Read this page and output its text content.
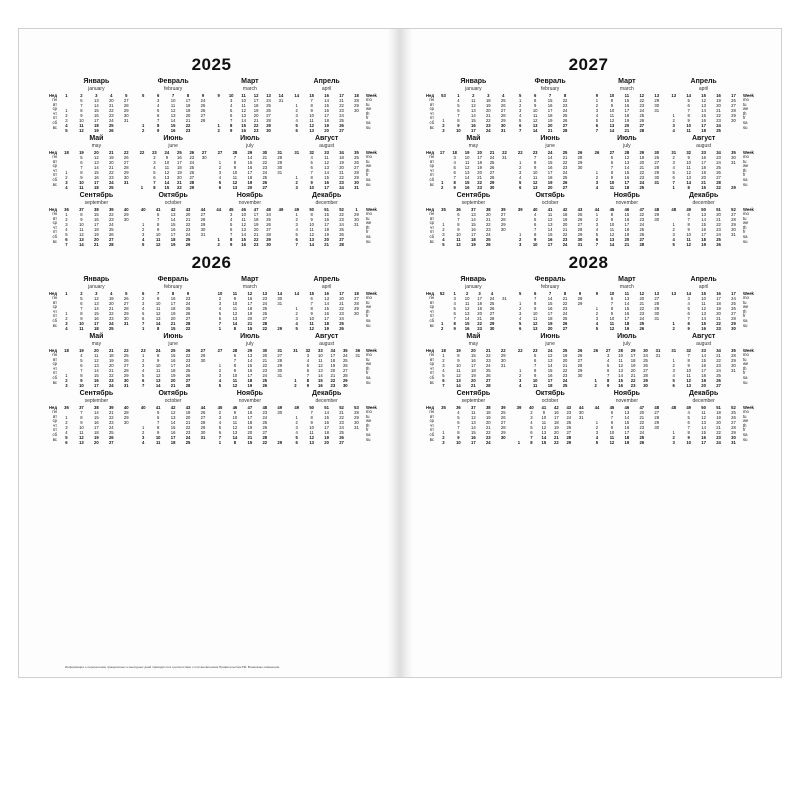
2025
Нед
пн
вт
ср
чт
пт
сб
вс
Январь
january
1	2	3	4	5
	6	13	20	27
	7	14	21	28
1	8	15	22	29
2	9	16	23	30
3	10	17	24	31
4	11	18	25	
5	12	19	26	
Февраль
february
5	6	7	8	9
	3	10	17	24
	4	11	18	25
	5	12	19	26
	6	13	20	27
	7	14	21	28
1	8	15	22	
2	9	16	23	
Март
march
9	10	11	12	13	14
	3	10	17	24	31
	4	11	18	25	
	5	12	19	26	
	6	13	20	27	
	7	14	21	28	
1	8	15	22	29	
2	9	16	23	30	
Апрель
april
14	15	16	17	18
	7	14	21	28
1	8	15	22	29
2	9	16	23	30
3	10	17	24	
4	11	18	25	
5	12	19	26	
6	13	20	27	
Week
mo
tu
we
th
fr
sa
su
Нед
пн
вт
ср
чт
пт
сб
вс
Май
may
18	19	20	21	22
	5	12	19	26
	6	13	20	27
	7	14	21	28
1	8	15	22	29
2	9	16	23	30
3	10	17	24	31
4	11	18	25	
Июнь
june
22	23	24	25	26	27
	2	9	16	23	30
	3	10	17	24	
	4	11	18	25	
	5	12	19	26	
	6	13	20	27	
	7	14	21	28	
1	8	15	22	29	
Июль
july
27	28	29	30	31
	7	14	21	28
1	8	15	22	29
2	9	16	23	30
3	10	17	24	31
4	11	18	25	
5	12	19	26	
6	13	20	27	
Август
august
31	32	33	34	35
	4	11	18	25
	5	12	19	26
	6	13	20	27
	7	14	21	28
1	8	15	22	29
2	9	16	23	30
3	10	17	24	31
Week
mo
tu
we
th
fr
sa
su
Нед
пн
вт
ср
чт
пт
сб
вс
Сентябрь
september
36	37	38	39	40
1	8	15	22	29
2	9	16	23	30
3	10	17	24	
4	11	18	25	
5	12	19	26	
6	13	20	27	
7	14	21	28	
Октябрь
october
40	41	42	43	44
	6	13	20	27
	7	14	21	28
1	8	15	22	29
2	9	16	23	30
3	10	17	24	31
4	11	18	25	
5	12	19	26	
Ноябрь
november
44	45	46	47	48	49
	3	10	17	24	
	4	11	18	25	
	5	12	19	26	
	6	13	20	27	
	7	14	21	28	
1	8	15	22	29	
2	9	16	23	30	
Декабрь
december
49	50	51	52	1
1	8	15	22	29
2	9	16	23	30
3	10	17	24	31
4	11	18	25	
5	12	19	26	
6	13	20	27	
7	14	21	28	
Week
mo
tu
we
th
fr
sa
su
2026
Нед
пн
вт
ср
чт
пт
сб
вс
Январь
january
1	2	3	4	5
	5	12	19	26
	6	13	20	27
	7	14	21	28
1	8	15	22	29
2	9	16	23	30
3	10	17	24	31
4	11	18	25	
Февраль
february
6	7	8	9	
2	9	16	23	
3	10	17	24	
4	11	18	25	
5	12	19	26	
6	13	20	27	
7	14	21	28	
1	8	15	22	
Март
march
10	11	12	13	14
2	9	16	23	30
3	10	17	24	31
4	11	18	25	
5	12	19	26	
6	13	20	27	
7	14	21	28	
1	8	15	22	29
Апрель
april
14	15	16	17	18
	6	13	20	27
	7	14	21	28
1	8	15	22	29
2	9	16	23	30
3	10	17	24	
4	11	18	25	
5	12	19	26	
Week
mo
tu
we
th
fr
sa
su
Нед
пн
вт
ср
чт
пт
сб
вс
Май
may
18	19	20	21	22
	4	11	18	25
	5	12	19	26
	6	13	20	27
	7	14	21	28
1	8	15	22	29
2	9	16	23	30
3	10	17	24	31
Июнь
june
23	24	25	26	27
1	8	15	22	29
2	9	16	23	30
3	10	17	24	
4	11	18	25	
5	12	19	26	
6	13	20	27	
7	14	21	28	
Июль
july
27	28	29	30	31
	6	13	20	27
	7	14	21	28
1	8	15	22	29
2	9	16	23	30
3	10	17	24	31
4	11	18	25	
5	12	19	26	
Август
august
31	32	33	34	35	36
	3	10	17	24	31
	4	11	18	25	
	5	12	19	26	
	6	13	20	27	
	7	14	21	28	
1	8	15	22	29	
2	9	16	23	30	
Week
mo
tu
we
th
fr
sa
su
Нед
пн
вт
ср
чт
пт
сб
вс
Сентябрь
september
36	37	38	39	40
	7	14	21	28
1	8	15	22	29
2	9	16	23	30
3	10	17	24	
4	11	18	25	
5	12	19	26	
6	13	20	27	
Октябрь
october
40	41	42	43	44
	5	12	19	26
	6	13	20	27
	7	14	21	28
1	8	15	22	29
2	9	16	23	30
3	10	17	24	31
4	11	18	25	
Ноябрь
november
45	46	47	48	49
2	9	16	23	30
3	10	17	24	
4	11	18	25	
5	12	19	26	
6	13	20	27	
7	14	21	28	
1	8	15	22	29
Декабрь
december
49	50	51	52	53
	7	14	21	28
1	8	15	22	29
2	9	16	23	30
3	10	17	24	31
4	11	18	25	
5	12	19	26	
6	13	20	27	
Week
mo
tu
we
th
fr
sa
su
2027
Нед
пн
вт
ср
чт
пт
сб
вс
Январь
january
53	1	2	3	4
	4	11	18	25
	5	12	19	26
	6	13	20	27
	7	14	21	28
1	8	15	22	29
2	9	16	23	30
3	10	17	24	31
Февраль
february
5	6	7	8	
1	8	15	22	
2	9	16	23	
3	10	17	24	
4	11	18	25	
5	12	19	26	
6	13	20	27	
7	14	21	28	
Март
march
9	10	11	12	13
1	8	15	22	29
2	9	16	23	30
3	10	17	24	31
4	11	18	25	
5	12	19	26	
6	13	20	27	
7	14	21	28	
Апрель
april
13	14	15	16	17
	5	12	19	26
	6	13	20	27
	7	14	21	28
1	8	15	22	29
2	9	16	23	30
3	10	17	24	
4	11	18	25	
Week
mo
tu
we
th
fr
sa
su
Нед
пн
вт
ср
чт
пт
сб
вс
Май
may
17	18	19	20	21	22
	3	10	17	24	31
	4	11	18	25	
	5	12	19	26	
	6	13	20	27	
	7	14	21	28	
1	8	15	22	29	
2	9	16	23	30	
Июнь
june
22	23	24	25	26
	7	14	21	28
1	8	15	22	29
2	9	16	23	30
3	10	17	24	
4	11	18	25	
5	12	19	26	
6	13	20	27	
Июль
july
26	27	28	29	30
	5	12	19	26
	6	13	20	27
	7	14	21	28
1	8	15	22	29
2	9	16	23	30
3	10	17	24	31
4	11	18	25	
Август
august
31	32	33	34	35
2	9	16	23	30
3	10	17	24	31
4	11	18	25	
5	12	19	26	
6	13	20	27	
7	14	21	28	
1	8	15	22	29
Week
mo
tu
we
th
fr
sa
su
Нед
пн
вт
ср
чт
пт
сб
вс
Сентябрь
september
35	36	37	38	39
	6	13	20	27
	7	14	21	28
1	8	15	22	29
2	9	16	23	30
3	10	17	24	
4	11	18	25	
5	12	19	26	
Октябрь
october
39	40	41	42	43
	4	11	18	25
	5	12	19	26
	6	13	20	27
	7	14	21	28
1	8	15	22	29
2	9	16	23	30
3	10	17	24	31
Ноябрь
november
44	45	46	47	48
1	8	15	22	29
2	9	16	23	30
3	10	17	24	
4	11	18	25	
5	12	19	26	
6	13	20	27	
7	14	21	28	
Декабрь
december
48	49	50	51	52
	6	13	20	27
	7	14	21	28
1	8	15	22	29
2	9	16	23	30
3	10	17	24	31
4	11	18	25	
5	12	19	26	
Week
mo
tu
we
th
fr
sa
su
2028
Нед
пн
вт
ср
чт
пт
сб
вс
Январь
january
52	1	2	3	4	
	3	10	17	24	31
	4	11	18	25	
	5	12	19	26	
	6	13	20	27	
	7	14	21	28	
1	8	15	22	29	
2	9	16	23	30	
Февраль
february
5	6	7	8	9
	7	14	21	28
1	8	15	22	29
2	9	16	23	
3	10	17	24	
4	11	18	25	
5	12	19	26	
6	13	20	27	
Март
march
9	10	11	12	13
	6	13	20	27
	7	14	21	28
1	8	15	22	29
2	9	16	23	30
3	10	17	24	31
4	11	18	25	
5	12	19	26	
Апрель
april
13	14	15	16	17
	3	10	17	24
	4	11	18	25
	5	12	19	26
	6	13	20	27
	7	14	21	28
1	8	15	22	29
2	9	16	23	30
Week
mo
tu
we
th
fr
sa
su
Нед
пн
вт
ср
чт
пт
сб
вс
Май
may
18	19	20	21	22
1	8	15	22	29
2	9	16	23	30
3	10	17	24	31
4	11	18	25	
5	12	19	26	
6	13	20	27	
7	14	21	28	
Июнь
june
22	23	24	25	26
	5	12	19	26
	6	13	20	27
	7	14	21	28
1	8	15	22	29
2	9	16	23	30
3	10	17	24	
4	11	18	25	
Июль
july
26	27	28	29	30	31
	3	10	17	24	31
	4	11	18	25	
	5	12	19	26	
	6	13	20	27	
	7	14	21	28	
1	8	15	22	29	
2	9	16	23	30	
Август
august
31	32	33	34	35
	7	14	21	28
1	8	15	22	29
2	9	16	23	30
3	10	17	24	31
4	11	18	25	
5	12	19	26	
6	13	20	27	
Week
mo
tu
we
th
fr
sa
su
Нед
пн
вт
ср
чт
пт
сб
вс
Сентябрь
september
35	36	37	38	39
	4	11	18	25
	5	12	19	26
	6	13	20	27
	7	14	21	28
1	8	15	22	29
2	9	16	23	30
3	10	17	24	
Октябрь
october
39	40	41	42	43	44
	2	9	16	23	30
	3	10	17	24	31
	4	11	18	25	
	5	12	19	26	
	6	13	20	27	
	7	14	21	28	
1	8	15	22	29	
Ноябрь
november
44	45	46	47	48
	6	13	20	27
	7	14	21	28
1	8	15	22	29
2	9	16	23	30
3	10	17	24	
4	11	18	25	
5	12	19	26	
Декабрь
december
48	49	50	51	52
	4	11	18	25
	5	12	19	26
	6	13	20	27
	7	14	21	28
1	8	15	22	29
2	9	16	23	30
3	10	17	24	31
Week
mo
tu
we
th
fr
sa
su
Информация о перенесении праздничных и выходных дней приводится в соответствии с постановлением Правительства РФ. Возможны изменения.
